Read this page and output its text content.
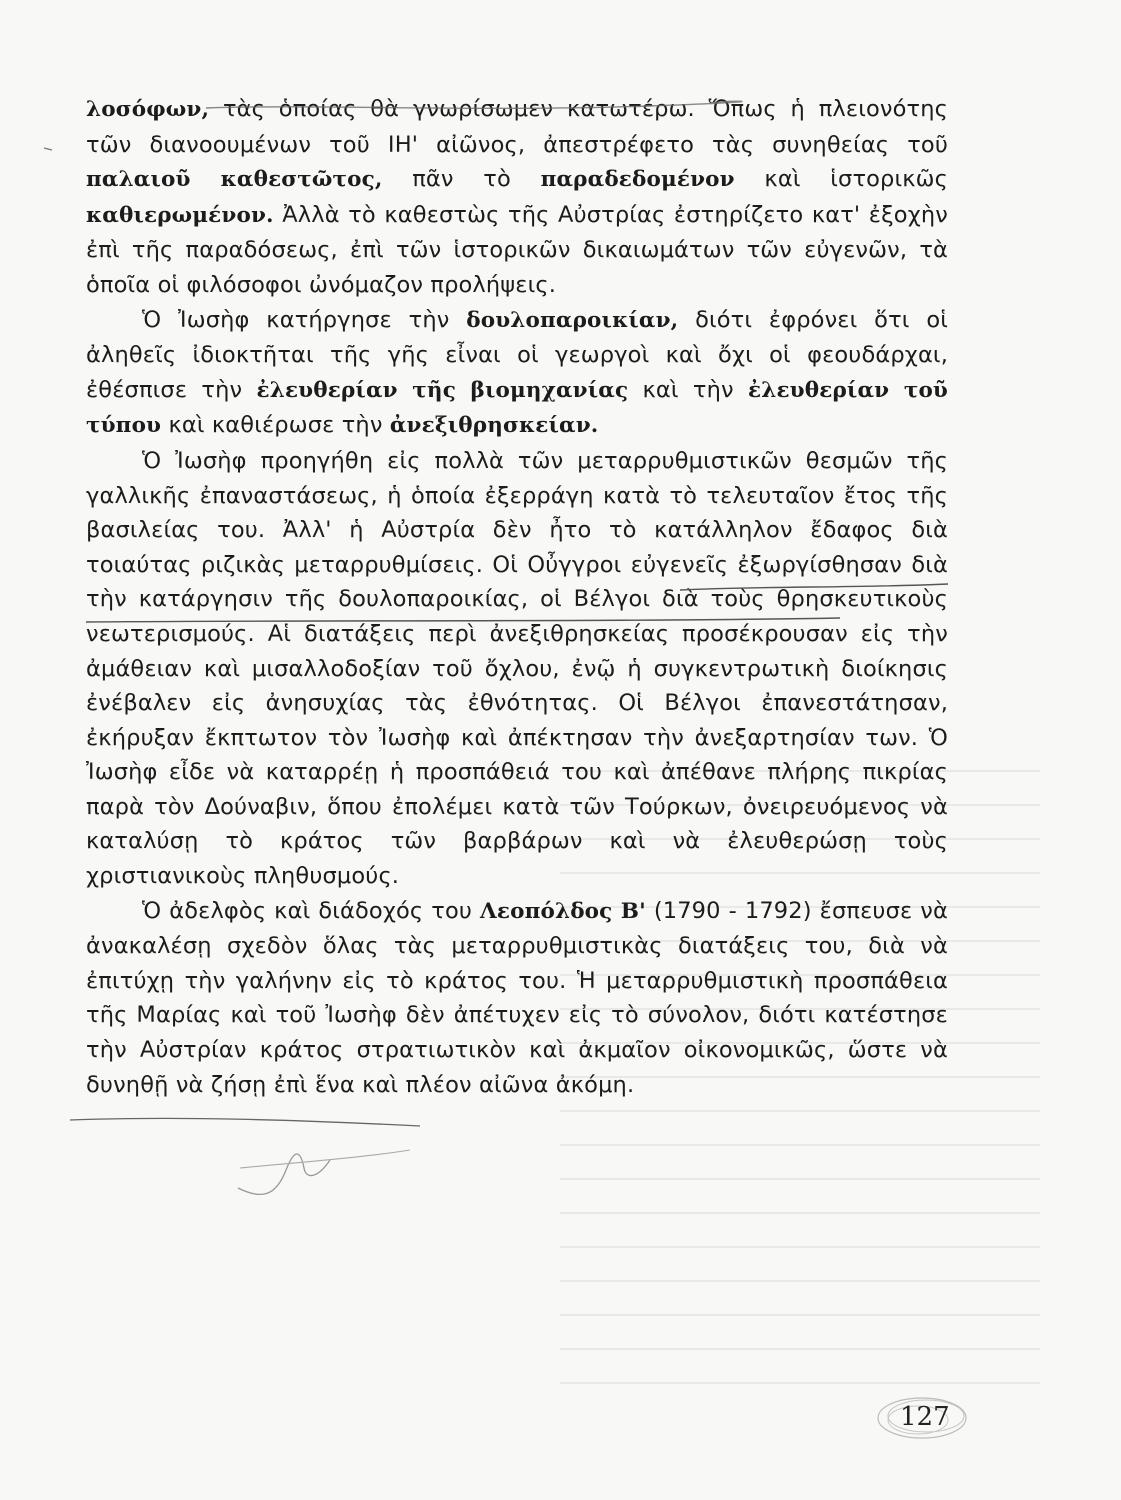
λοσόφων, τὰς ὁποίας θὰ γνωρίσωμεν κατωτέρω. Ὅπως ἡ πλειονότης τῶν διανοουμένων τοῦ ΙΗ' αἰῶνος, ἀπεστρέφετο τὰς συνηθείας τοῦ παλαιοῦ καθεστῶτος, πᾶν τὸ παραδεδομένον καὶ ἱστορικῶς καθιερωμένον. Ἀλλὰ τὸ καθεστὼς τῆς Αὐστρίας ἐστηρίζετο κατ' ἐξοχὴν ἐπὶ τῆς παραδόσεως, ἐπὶ τῶν ἱστορικῶν δικαιωμάτων τῶν εὐγενῶν, τὰ ὁποῖα οἱ φιλόσοφοι ὠνόμαζον προλήψεις.

Ὁ Ἰωσὴφ κατήργησε τὴν δουλοπαροικίαν, διότι ἐφρόνει ὅτι οἱ ἀληθεῖς ἰδιοκτῆται τῆς γῆς εἶναι οἱ γεωργοὶ καὶ ὄχι οἱ φεουδάρχαι, ἐθέσπισε τὴν ἐλευθερίαν τῆς βιομηχανίας καὶ τὴν ἐλευθερίαν τοῦ τύπου καὶ καθιέρωσε τὴν ἀνεξιθρησκείαν.

Ὁ Ἰωσὴφ προηγήθη εἰς πολλὰ τῶν μεταρρυθμιστικῶν θεσμῶν τῆς γαλλικῆς ἐπαναστάσεως, ἡ ὁποία ἐξερράγη κατὰ τὸ τελευταῖον ἔτος τῆς βασιλείας του. Ἀλλ' ἡ Αὐστρία δὲν ἦτο τὸ κατάλληλον ἔδαφος διὰ τοιαύτας ριζικὰς μεταρρυθμίσεις. Οἱ Οὖγγροι εὐγενεῖς ἐξωργίσθησαν διὰ τὴν κατάργησιν τῆς δουλοπαροικίας, οἱ Βέλγοι διὰ τοὺς θρησκευτικοὺς νεωτερισμούς. Αἱ διατάξεις περὶ ἀνεξιθρησκείας προσέκρουσαν εἰς τὴν ἀμάθειαν καὶ μισαλλοδοξίαν τοῦ ὄχλου, ἐνῷ ἡ συγκεντρωτικὴ διοίκησις ἐνέβαλεν εἰς ἀνησυχίας τὰς ἐθνότητας. Οἱ Βέλγοι ἐπανεστάτησαν, ἐκήρυξαν ἔκπτωτον τὸν Ἰωσὴφ καὶ ἀπέκτησαν τὴν ἀνεξαρτησίαν των. Ὁ Ἰωσὴφ εἶδε νὰ καταρρέῃ ἡ προσπάθειά του καὶ ἀπέθανε πλήρης πικρίας παρὰ τὸν Δούναβιν, ὅπου ἐπολέμει κατὰ τῶν Τούρκων, ὀνειρευόμενος νὰ καταλύσῃ τὸ κράτος τῶν βαρβάρων καὶ νὰ ἐλευθερώσῃ τοὺς χριστιανικοὺς πληθυσμούς.

Ὁ ἀδελφὸς καὶ διάδοχός του Λεοπόλδος Β' (1790 - 1792) ἔσπευσε νὰ ἀνακαλέσῃ σχεδὸν ὅλας τὰς μεταρρυθμιστικὰς διατάξεις του, διὰ νὰ ἐπιτύχῃ τὴν γαλήνην εἰς τὸ κράτος του. Ἡ μεταρρυθμιστικὴ προσπάθεια τῆς Μαρίας καὶ τοῦ Ἰωσὴφ δὲν ἀπέτυχεν εἰς τὸ σύνολον, διότι κατέστησε τὴν Αὐστρίαν κράτος στρατιωτικὸν καὶ ἀκμαῖον οἰκονομικῶς, ὥστε νὰ δυνηθῇ νὰ ζήσῃ ἐπὶ ἕνα καὶ πλέον αἰῶνα ἀκόμη.

127
